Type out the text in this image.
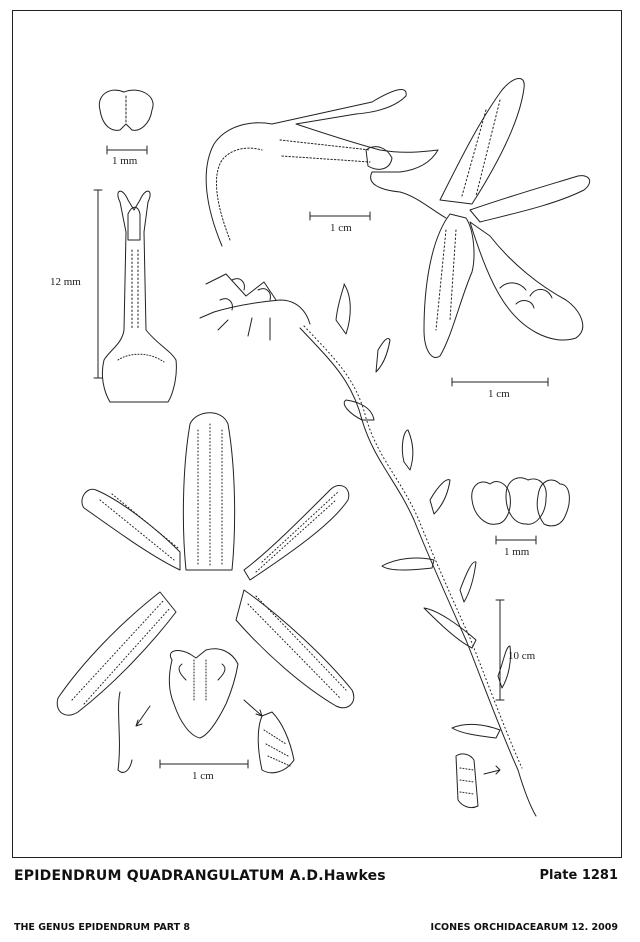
1 mm
12 mm
1 cm
1 cm
1 mm
10 cm
1 cm
EPIDENDRUM QUADRANGULATUM A.D.Hawkes	Plate 1281
THE GENUS EPIDENDRUM PART 8	ICONES ORCHIDACEARUM 12. 2009
